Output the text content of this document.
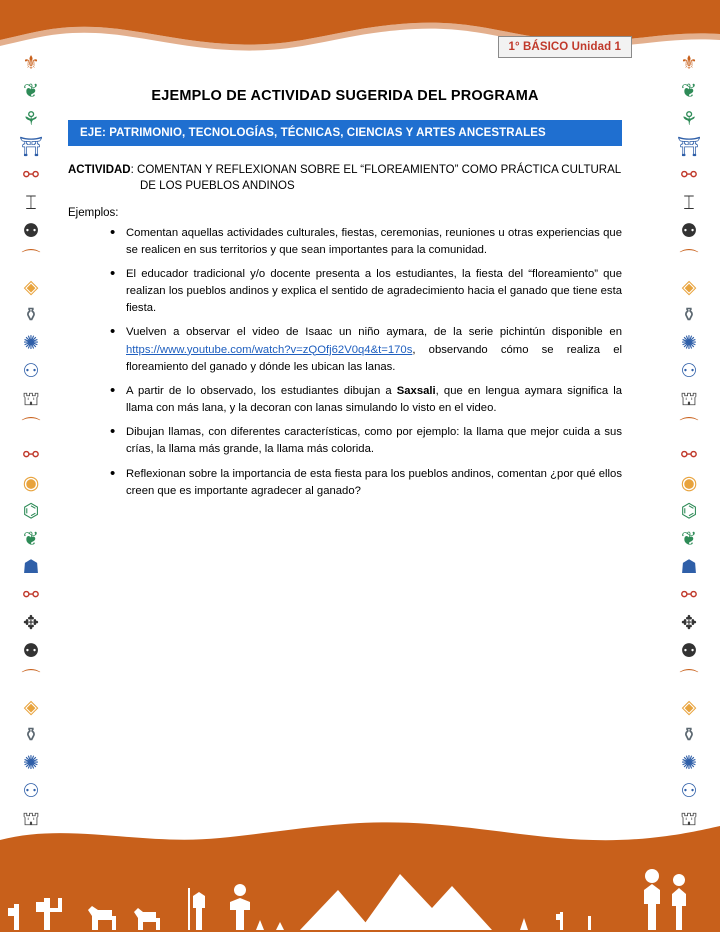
1° BÁSICO Unidad 1
⚜
❦
⚘
⛩
⚯
⌶
⚉
⌒
◈
⚱
✺
⚇
⛫
⌒
⚯
◉
⌬
❦
☗
⚯
✥
⚉
⌒
◈
⚱
✺
⚇
⛫
⚜
❦
⚘
⛩
⚯
⌶
⚉
⌒
◈
⚱
✺
⚇
⛫
⌒
⚯
◉
⌬
❦
☗
⚯
✥
⚉
⌒
◈
⚱
✺
⚇
⛫
EJEMPLO DE ACTIVIDAD SUGERIDA DEL PROGRAMA
EJE: PATRIMONIO, TECNOLOGÍAS, TÉCNICAS, CIENCIAS Y ARTES ANCESTRALES
ACTIVIDAD: COMENTAN Y REFLEXIONAN SOBRE EL “FLOREAMIENTO” COMO PRÁCTICA CULTURAL
DE LOS PUEBLOS ANDINOS
Ejemplos:
• Comentan aquellas actividades culturales, fiestas, ceremonias, reuniones u otras experiencias que se realicen en sus territorios y que sean importantes para la comunidad.
• El educador tradicional y/o docente presenta a los estudiantes, la fiesta del “floreamiento” que realizan los pueblos andinos y explica el sentido de agradecimiento hacia el ganado que tiene esta fiesta.
• Vuelven a observar el video de Isaac un niño aymara, de la serie pichintún disponible en https://www.youtube.com/watch?v=zQOfj62V0q4&t=170s, observando cómo se realiza el floreamiento del ganado y dónde les ubican las lanas.
• A partir de lo observado, los estudiantes dibujan a Saxsali, que en lengua aymara significa la llama con más lana, y la decoran con lanas simulando lo visto en el video.
• Dibujan llamas, con diferentes características, como por ejemplo: la llama que mejor cuida a sus crías, la llama más grande, la llama más colorida.
• Reflexionan sobre la importancia de esta fiesta para los pueblos andinos, comentan ¿por qué ellos creen que es importante agradecer al ganado?
